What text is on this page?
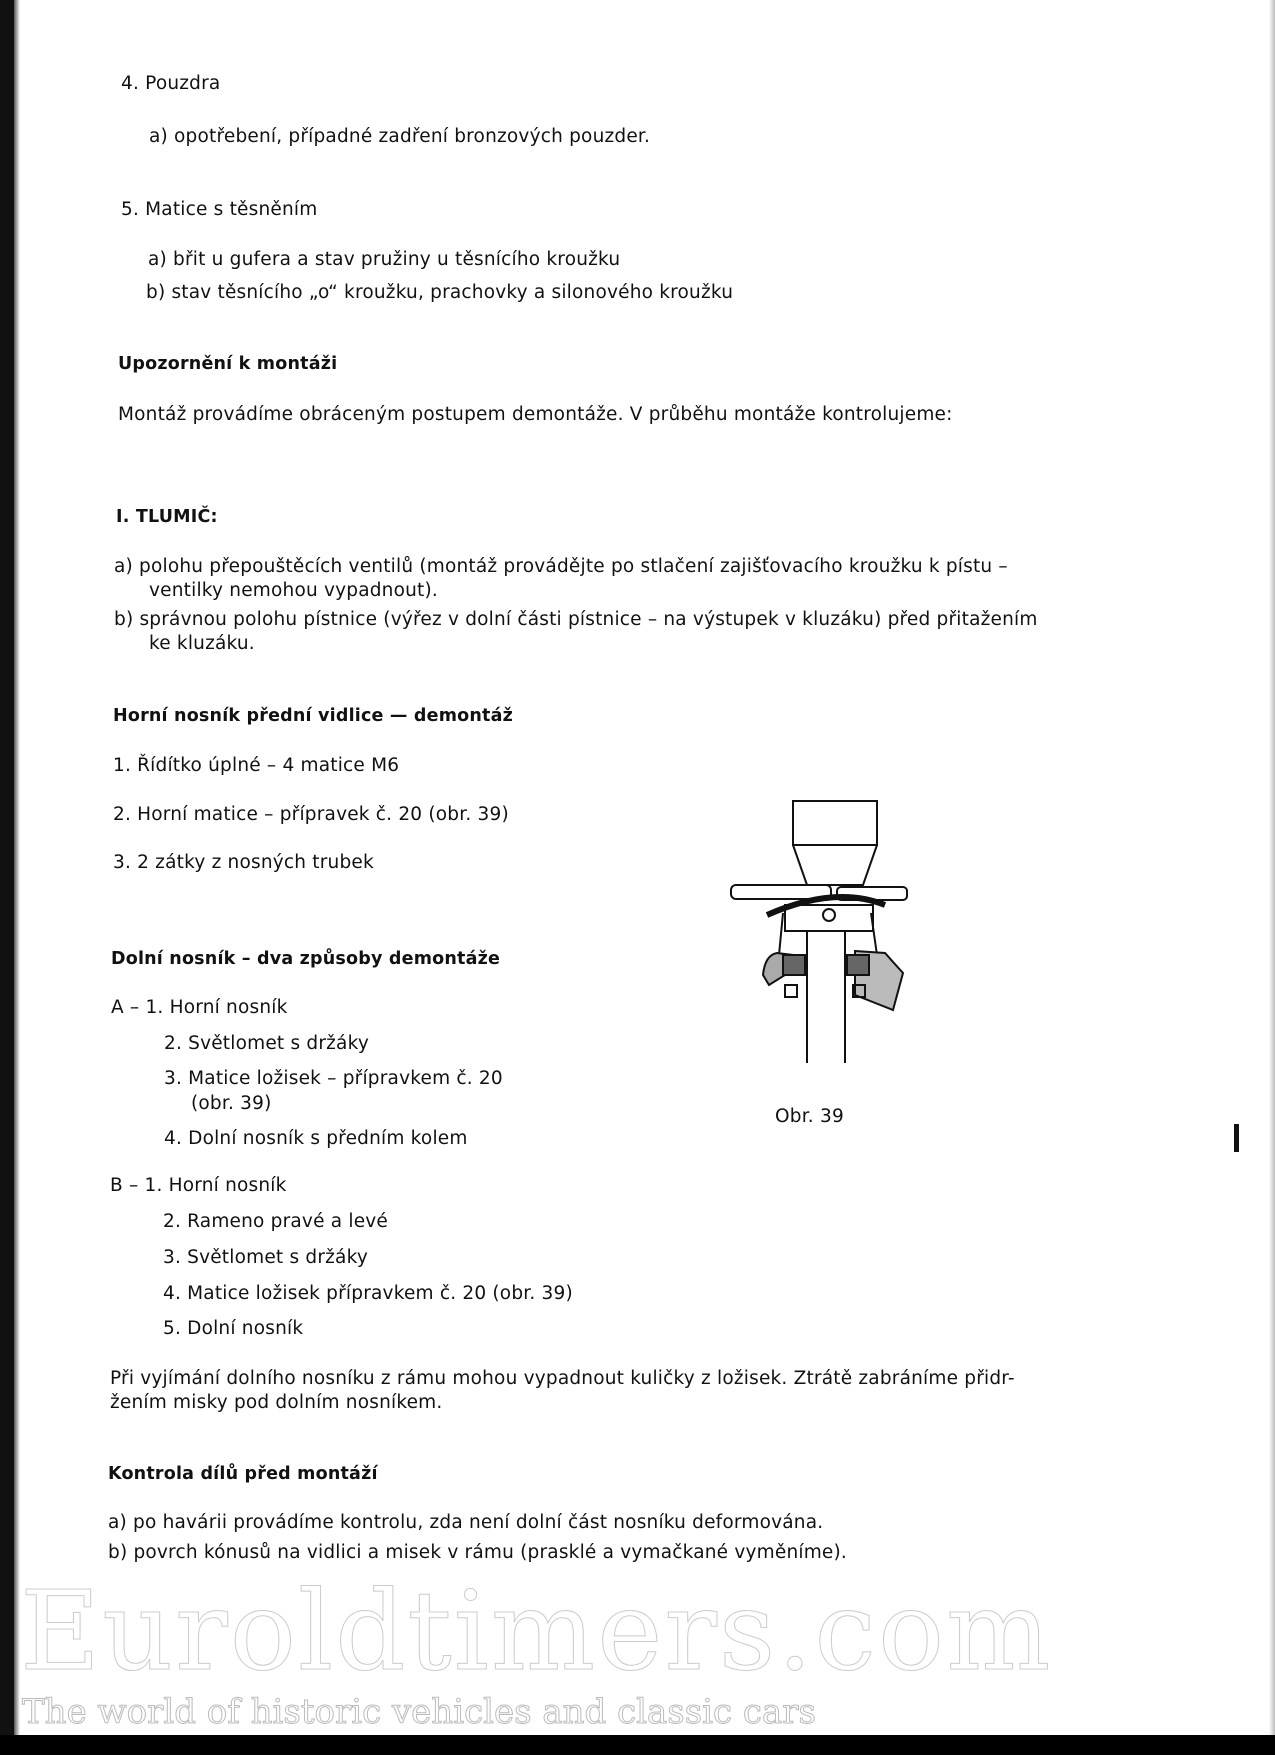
4. Pouzdra
a) opotřebení, případné zadření bronzových pouzder.
5. Matice s těsněním
a) břit u gufera a stav pružiny u těsnícího kroužku
b) stav těsnícího „o“ kroužku, prachovky a silonového kroužku
Upozornění k montáži
Montáž provádíme obráceným postupem demontáže. V průběhu montáže kontrolujeme:
I. TLUMIČ:
a) polohu přepouštěcích ventilů (montáž provádějte po stlačení zajišťovacího kroužku k pístu –
ventilky nemohou vypadnout).
b) správnou polohu pístnice (výřez v dolní části pístnice – na výstupek v kluzáku) před přitažením
ke kluzáku.
Horní nosník přední vidlice — demontáž
1. Řídítko úplné – 4 matice M6
2. Horní matice – přípravek č. 20 (obr. 39)
3. 2 zátky z nosných trubek
Dolní nosník – dva způsoby demontáže
A – 1. Horní nosník
2. Světlomet s držáky
3. Matice ložisek – přípravkem č. 20
(obr. 39)
4. Dolní nosník s předním kolem
B – 1. Horní nosník
2. Rameno pravé a levé
3. Světlomet s držáky
4. Matice ložisek přípravkem č. 20 (obr. 39)
5. Dolní nosník
Při vyjímání dolního nosníku z rámu mohou vypadnout kuličky z ložisek. Ztrátě zabráníme přidr-
žením misky pod dolním nosníkem.
Kontrola dílů před montáží
a) po havárii provádíme kontrolu, zda není dolní část nosníku deformována.
b) povrch kónusů na vidlici a misek v rámu (prasklé a vymačkané vyměníme).
Obr. 39
Euroldtimers.com
The world of historic vehicles and classic cars
